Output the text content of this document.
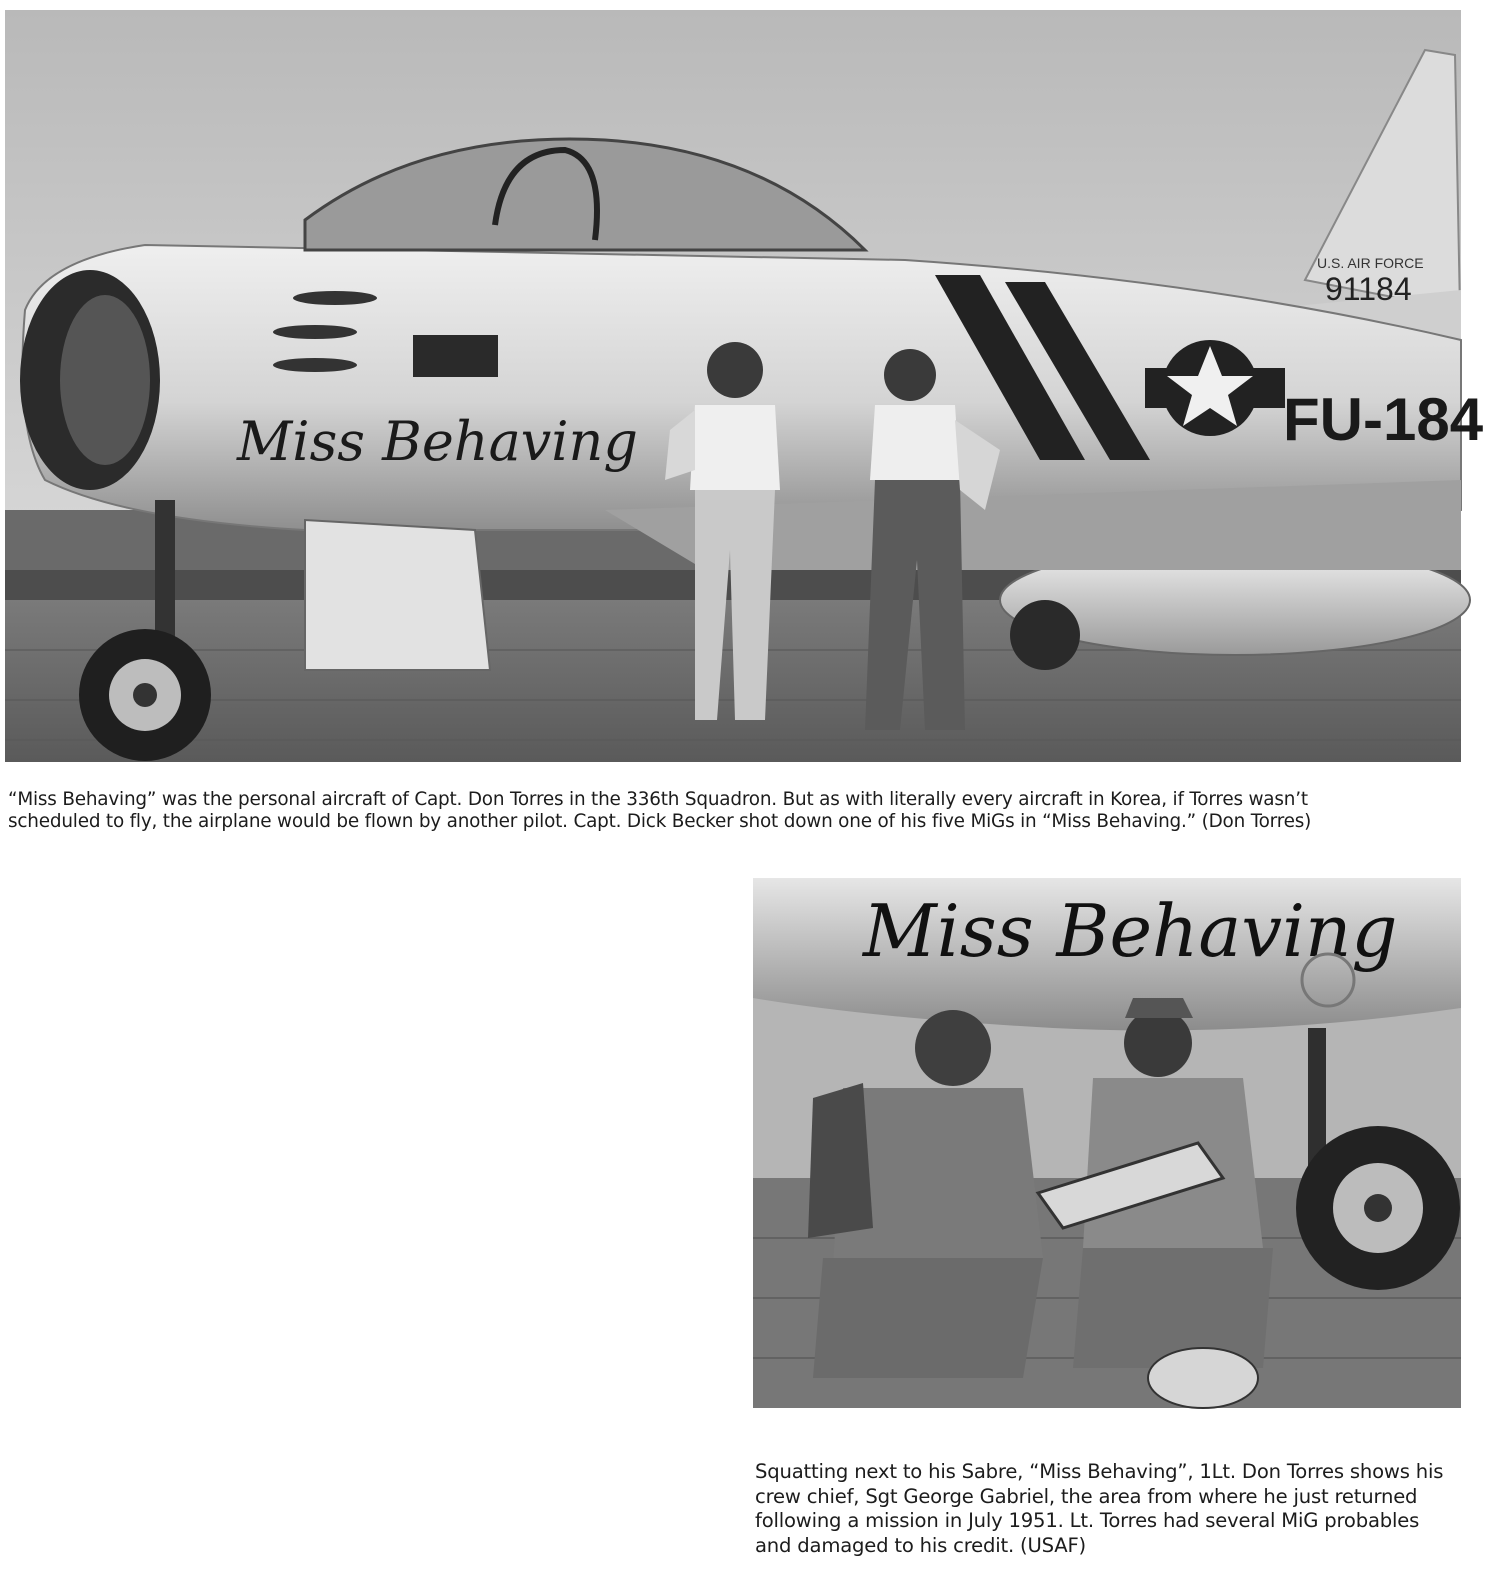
Miss Behaving	FU-184
U.S. AIR FORCE
91184
“Miss Behaving” was the personal aircraft of Capt. Don Torres in the 336th Squadron. But as with literally every aircraft in Korea, if Torres wasn’t
scheduled to fly, the airplane would be flown by another pilot. Capt. Dick Becker shot down one of his five MiGs in “Miss Behaving.” (Don Torres)
Miss Behaving
Squatting next to his Sabre, “Miss Behaving”, 1Lt. Don Torres shows his
crew chief, Sgt George Gabriel, the area from where he just returned
following a mission in July 1951. Lt. Torres had several MiG probables
and damaged to his credit. (USAF)
